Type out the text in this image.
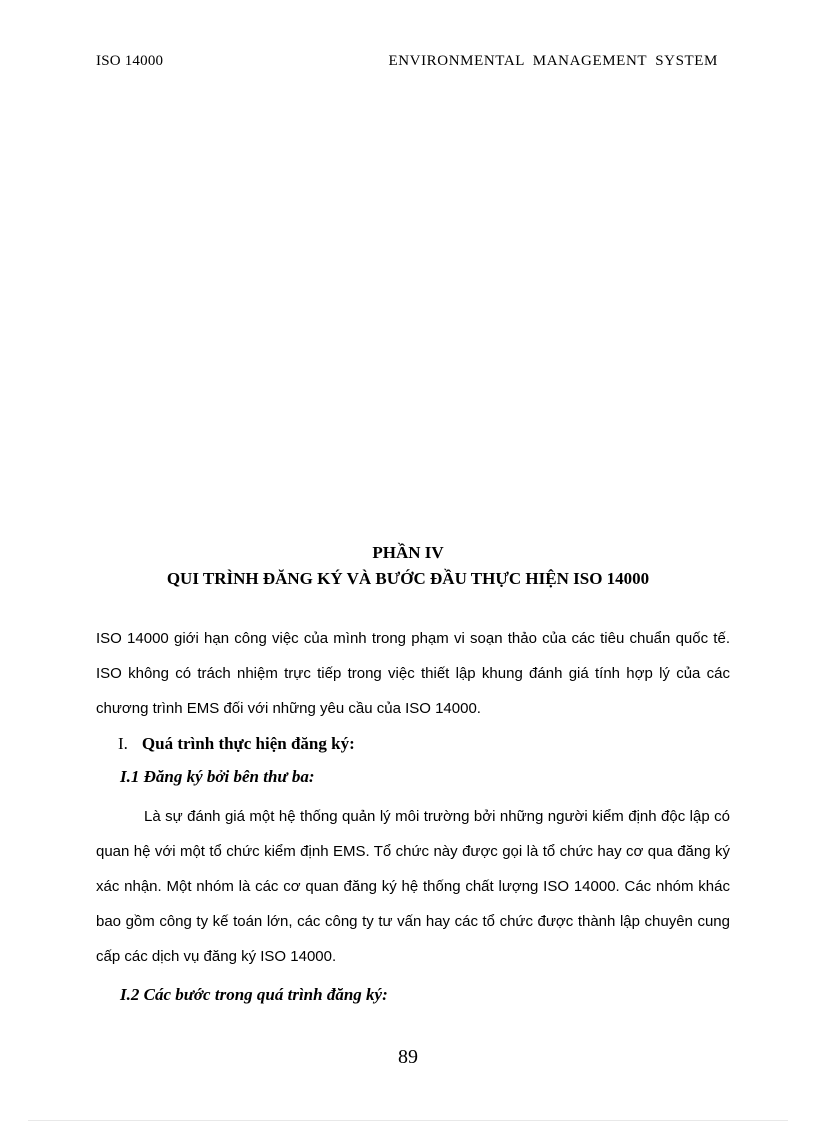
ISO 14000	ENVIRONMENTAL MANAGEMENT SYSTEM
PHẦN IV
QUI TRÌNH ĐĂNG KÝ VÀ BƯỚC ĐẦU THỰC HIỆN ISO 14000
ISO 14000 giới hạn công việc của mình trong phạm vi soạn thảo của các tiêu chuẩn quốc tế. ISO không có trách nhiệm trực tiếp trong việc thiết lập khung đánh giá tính hợp lý của các chương trình EMS đối với những yêu cầu của ISO 14000.
I. Quá trình thực hiện đăng ký:
I.1 Đăng ký bởi bên thư ba:
Là sự đánh giá một hệ thống quản lý môi trường bởi những người kiểm định độc lập có quan hệ với một tổ chức kiểm định EMS. Tổ chức này được gọi là tổ chức hay cơ qua đăng ký xác nhận. Một nhóm là các cơ quan đăng ký hệ thống chất lượng ISO 14000. Các nhóm khác bao gồm công ty kế toán lớn, các công ty tư vấn hay các tổ chức được thành lập chuyên cung cấp các dịch vụ đăng ký ISO 14000.
I.2 Các bước trong quá trình đăng ký:
89
